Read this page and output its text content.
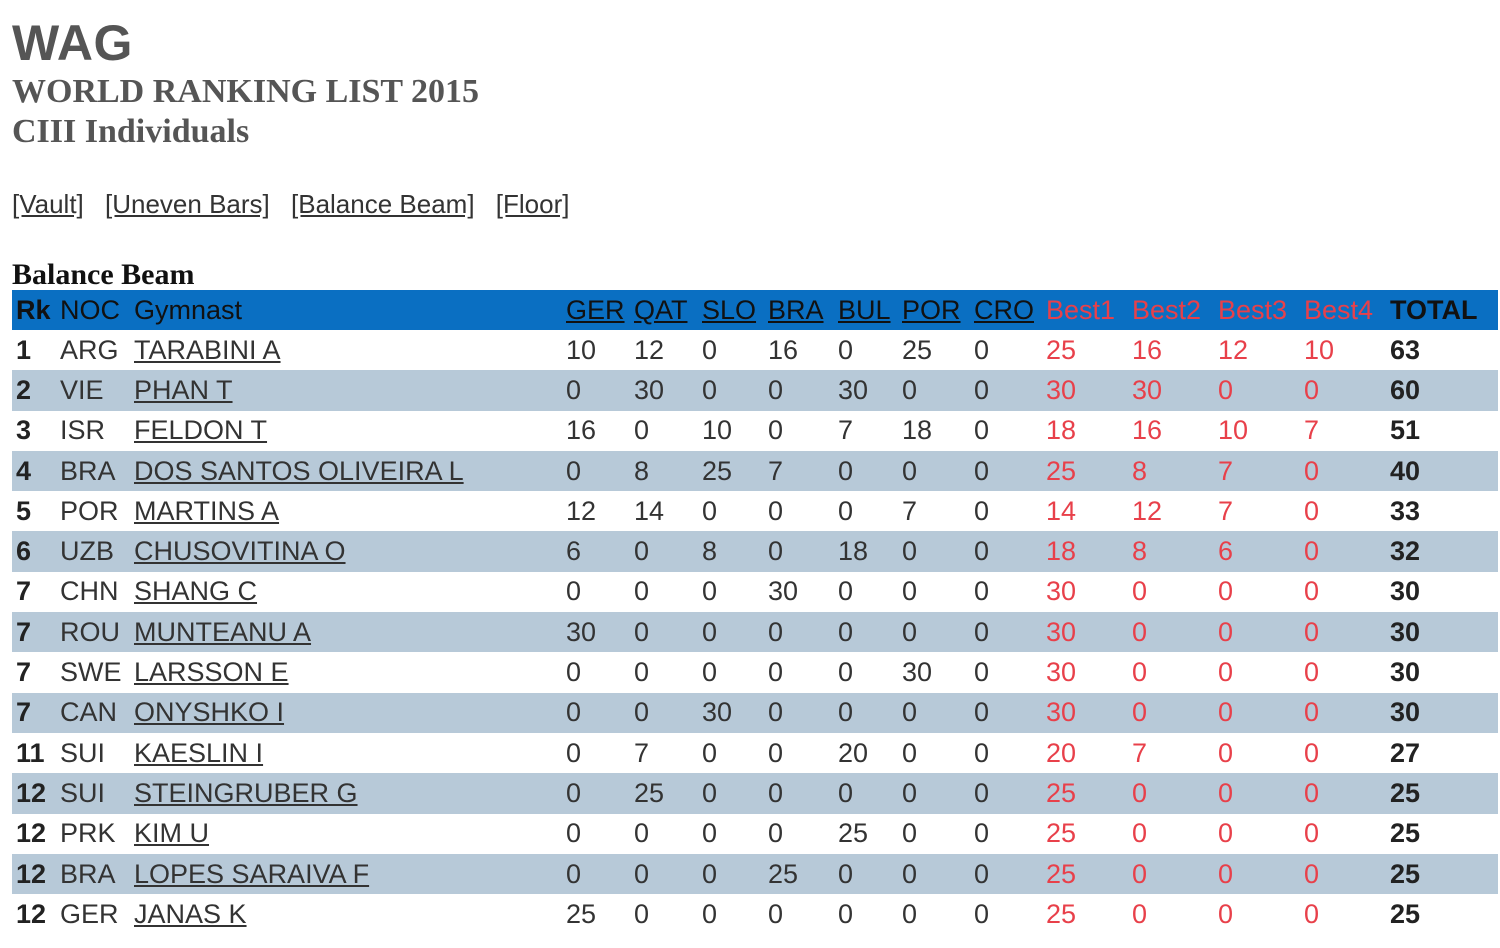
WAG
WORLD RANKING LIST 2015
CIII Individuals
[Vault] [Uneven Bars] [Balance Beam] [Floor]
Balance Beam
Rk	NOC	Gymnast	GER	QAT	SLO	BRA	BUL	POR	CRO	Best1	Best2	Best3	Best4	TOTAL
1	ARG	TARABINI A	10	12	0	16	0	25	0	25	16	12	10	63
2	VIE	PHAN T	0	30	0	0	30	0	0	30	30	0	0	60
3	ISR	FELDON T	16	0	10	0	7	18	0	18	16	10	7	51
4	BRA	DOS SANTOS OLIVEIRA L	0	8	25	7	0	0	0	25	8	7	0	40
5	POR	MARTINS A	12	14	0	0	0	7	0	14	12	7	0	33
6	UZB	CHUSOVITINA O	6	0	8	0	18	0	0	18	8	6	0	32
7	CHN	SHANG C	0	0	0	30	0	0	0	30	0	0	0	30
7	ROU	MUNTEANU A	30	0	0	0	0	0	0	30	0	0	0	30
7	SWE	LARSSON E	0	0	0	0	0	30	0	30	0	0	0	30
7	CAN	ONYSHKO I	0	0	30	0	0	0	0	30	0	0	0	30
11	SUI	KAESLIN I	0	7	0	0	20	0	0	20	7	0	0	27
12	SUI	STEINGRUBER G	0	25	0	0	0	0	0	25	0	0	0	25
12	PRK	KIM U	0	0	0	0	25	0	0	25	0	0	0	25
12	BRA	LOPES SARAIVA F	0	0	0	25	0	0	0	25	0	0	0	25
12	GER	JANAS K	25	0	0	0	0	0	0	25	0	0	0	25
